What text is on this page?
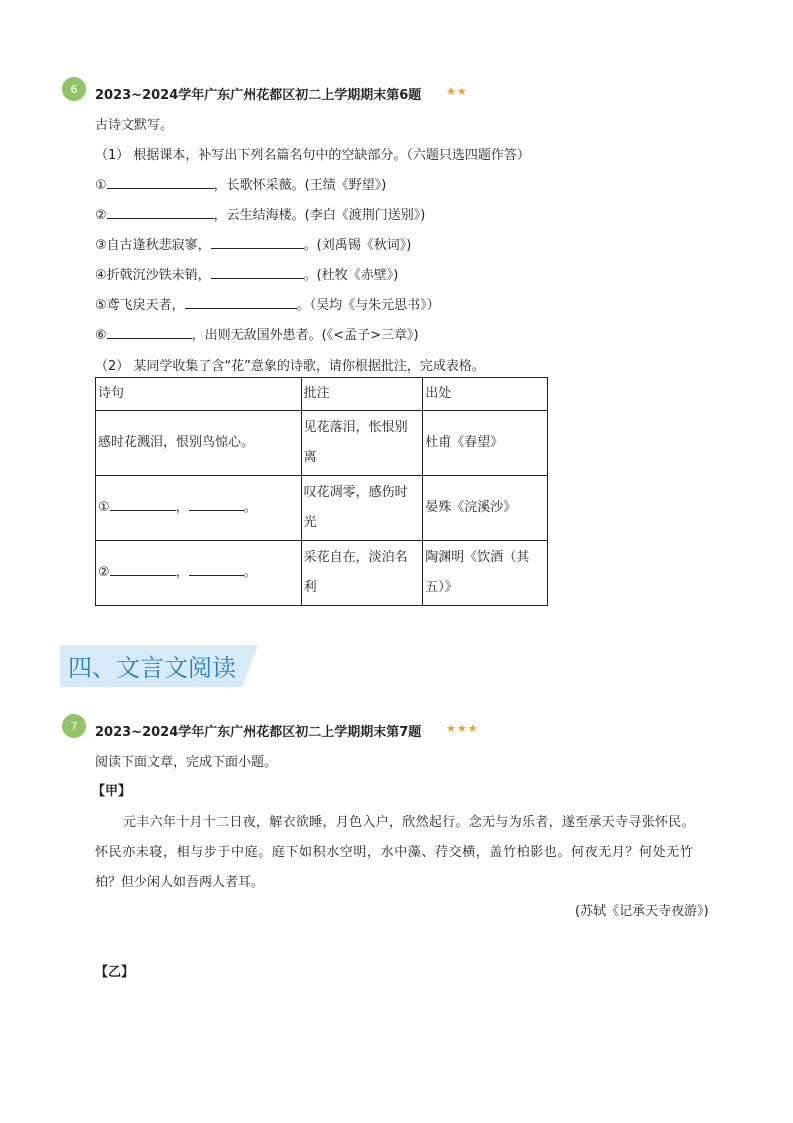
6 2023~2024学年广东广州花都区初二上学期期末第6题 ★★
古诗文默写。
（1） 根据课本，补写出下列名篇名句中的空缺部分。（六题只选四题作答）
①	，长歌怀采薇。(王绩《野望》)
②	，云生结海楼。(李白《渡荆门送别》)
③自古逢秋悲寂寥，	。(刘禹锡《秋词》)
④折戟沉沙铁未销，	。(杜牧《赤壁》)
⑤鸢飞戾天者，	。（吴均《与朱元思书》）
⑥	，出则无敌国外患者。(《<孟子>三章》)
（2） 某同学收集了含“花”意象的诗歌，请你根据批注，完成表格。
诗句	批注	出处
感时花溅泪，恨别鸟惊心。	见花落泪，怅恨别
离	杜甫《春望》
① ， 。	叹花凋零，感伤时
光	晏殊《浣溪沙》
② ， 。	采花自在，淡泊名
利	陶渊明《饮酒（其
五）》
四、文言文阅读
7 2023~2024学年广东广州花都区初二上学期期末第7题 ★★★
阅读下面文章，完成下面小题。
【甲】
元丰六年十月十二日夜，解衣欲睡，月色入户，欣然起行。念无与为乐者，遂至承天寺寻张怀民。
怀民亦未寝，相与步于中庭。庭下如积水空明，水中藻、荇交横，盖竹柏影也。何夜无月？何处无竹
柏？但少闲人如吾两人者耳。
(苏轼《记承天寺夜游》)
【乙】
